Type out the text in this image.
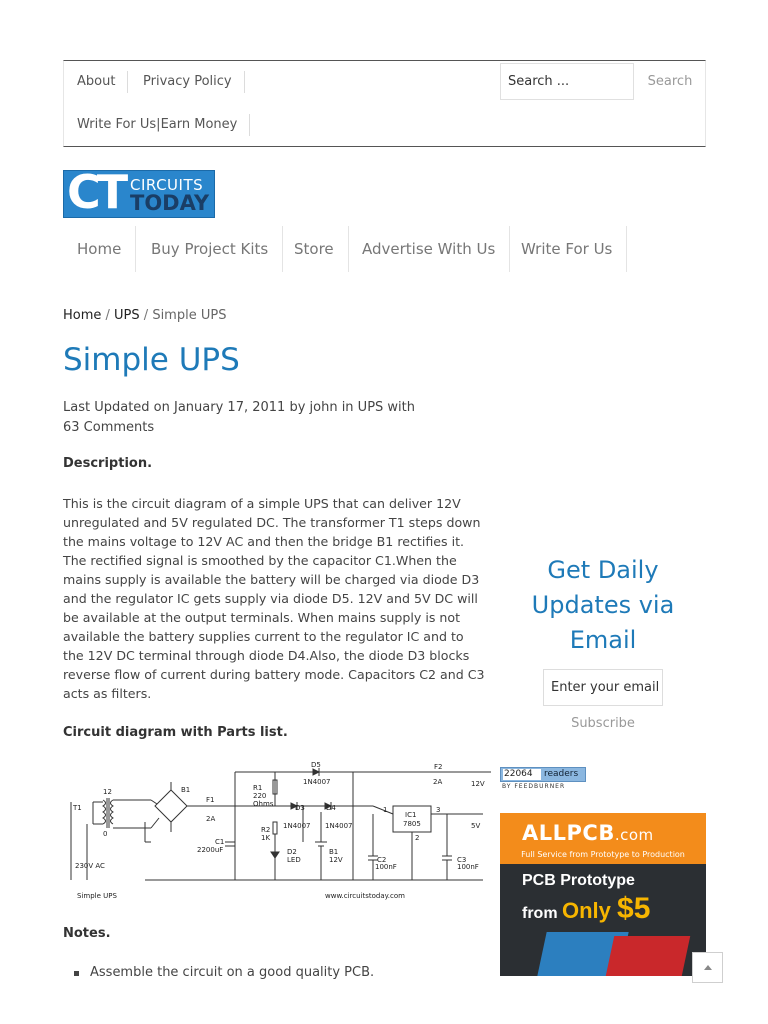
About	Privacy Policy
Write For Us|Earn Money
Search ...	Search
CT CIRCUITS
TODAY
Home	Buy Project Kits	Store	Advertise With Us	Write For Us
Home / UPS / Simple UPS
Simple UPS
Last Updated on January 17, 2011 by john in UPS with 63 Comments
Description.
This is the circuit diagram of a simple UPS that can deliver 12V unregulated and 5V regulated DC. The transformer T1 steps down the mains voltage to 12V AC and then the bridge B1 rectifies it. The rectified signal is smoothed by the capacitor C1.When the mains supply is available the battery will be charged via diode D3 and the regulator IC gets supply via diode D5. 12V and 5V DC will be available at the output terminals. When mains supply is not available the battery supplies current to the regulator IC and to the 12V DC terminal through diode D4.Also, the diode D3 blocks reverse flow of current during battery mode. Capacitors C2 and C3 acts as filters.
Circuit diagram with Parts list.
T1
12
0
B1
F1
2A
R1
220
Ohms
D5
1N4007
D3
1N4007
D4
1N4007
C1
2200uF
R2
1K
D2
LED
B1
12V
IC1
7805
1	3
2
F2
2A	12V
5V
C2
100nF
C3
100nF
230V AC
Simple UPS	www.circuitstoday.com
Notes.
Assemble the circuit on a good quality PCB.
Get Daily Updates via Email
Enter your email
Subscribe
22064	readers
BY FEEDBURNER
ALLPCB.com
Full Service from Prototype to Production
PCB Prototype
from Only $5
